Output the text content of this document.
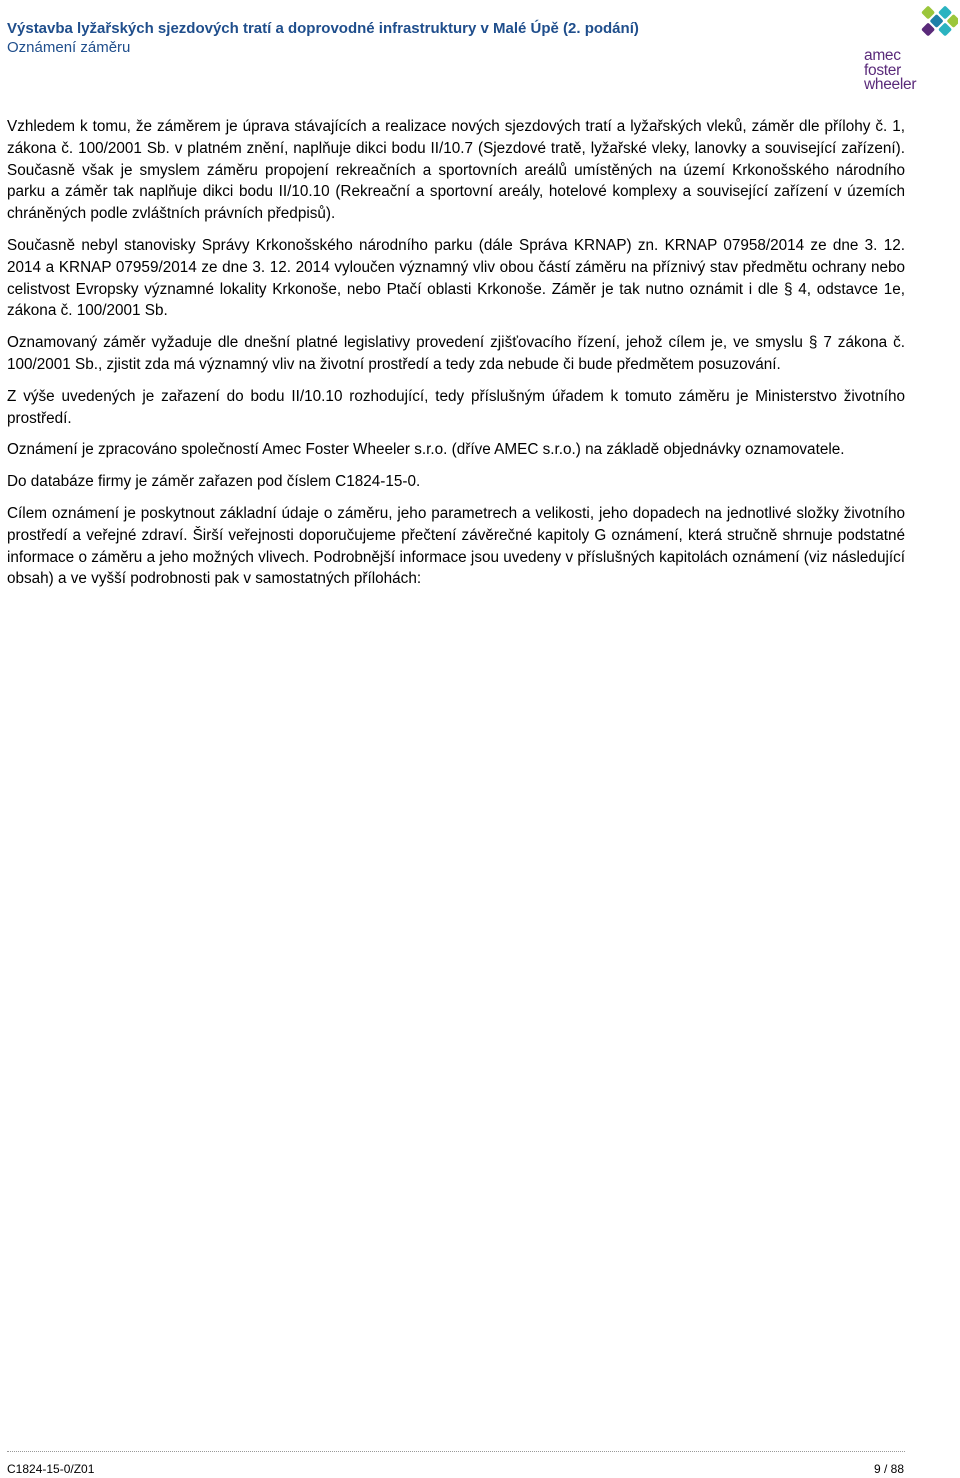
Výstavba lyžařských sjezdových tratí a doprovodné infrastruktury v Malé Úpě (2. podání)
Oznámení záměru	amec
foster
wheeler

Vzhledem k tomu, že záměrem je úprava stávajících a realizace nových sjezdových tratí a lyžařských vleků, záměr dle přílohy č. 1, zákona č. 100/2001 Sb. v platném znění, naplňuje dikci bodu II/10.7 (Sjezdové tratě, lyžařské vleky, lanovky a související zařízení). Současně však je smyslem záměru propojení rekreačních a sportovních areálů umístěných na území Krkonošského národního parku a záměr tak naplňuje dikci bodu II/10.10 (Rekreační a sportovní areály, hotelové komplexy a související zařízení v územích chráněných podle zvláštních právních předpisů).

Současně nebyl stanovisky Správy Krkonošského národního parku (dále Správa KRNAP) zn. KRNAP 07958/2014 ze dne 3. 12. 2014 a KRNAP 07959/2014 ze dne 3. 12. 2014 vyloučen významný vliv obou částí záměru na příznivý stav předmětu ochrany nebo celistvost Evropsky významné lokality Krkonoše, nebo Ptačí oblasti Krkonoše. Záměr je tak nutno oznámit i dle § 4, odstavce 1e, zákona č. 100/2001 Sb.

Oznamovaný záměr vyžaduje dle dnešní platné legislativy provedení zjišťovacího řízení, jehož cílem je, ve smyslu § 7 zákona č. 100/2001 Sb., zjistit zda má významný vliv na životní prostředí a tedy zda nebude či bude předmětem posuzování.

Z výše uvedených je zařazení do bodu II/10.10 rozhodující, tedy příslušným úřadem k tomuto záměru je Ministerstvo životního prostředí.

Oznámení je zpracováno společností Amec Foster Wheeler s.r.o. (dříve AMEC s.r.o.) na základě objednávky oznamovatele.

Do databáze firmy je záměr zařazen pod číslem C1824-15-0.

Cílem oznámení je poskytnout základní údaje o záměru, jeho parametrech a velikosti, jeho dopadech na jednotlivé složky životního prostředí a veřejné zdraví. Širší veřejnosti doporučujeme přečtení závěrečné kapitoly G oznámení, která stručně shrnuje podstatné informace o záměru a jeho možných vlivech. Podrobnější informace jsou uvedeny v příslušných kapitolách oznámení (viz následující obsah) a ve vyšší podrobnosti pak v samostatných přílohách:

C1824-15-0/Z01	9 / 88
